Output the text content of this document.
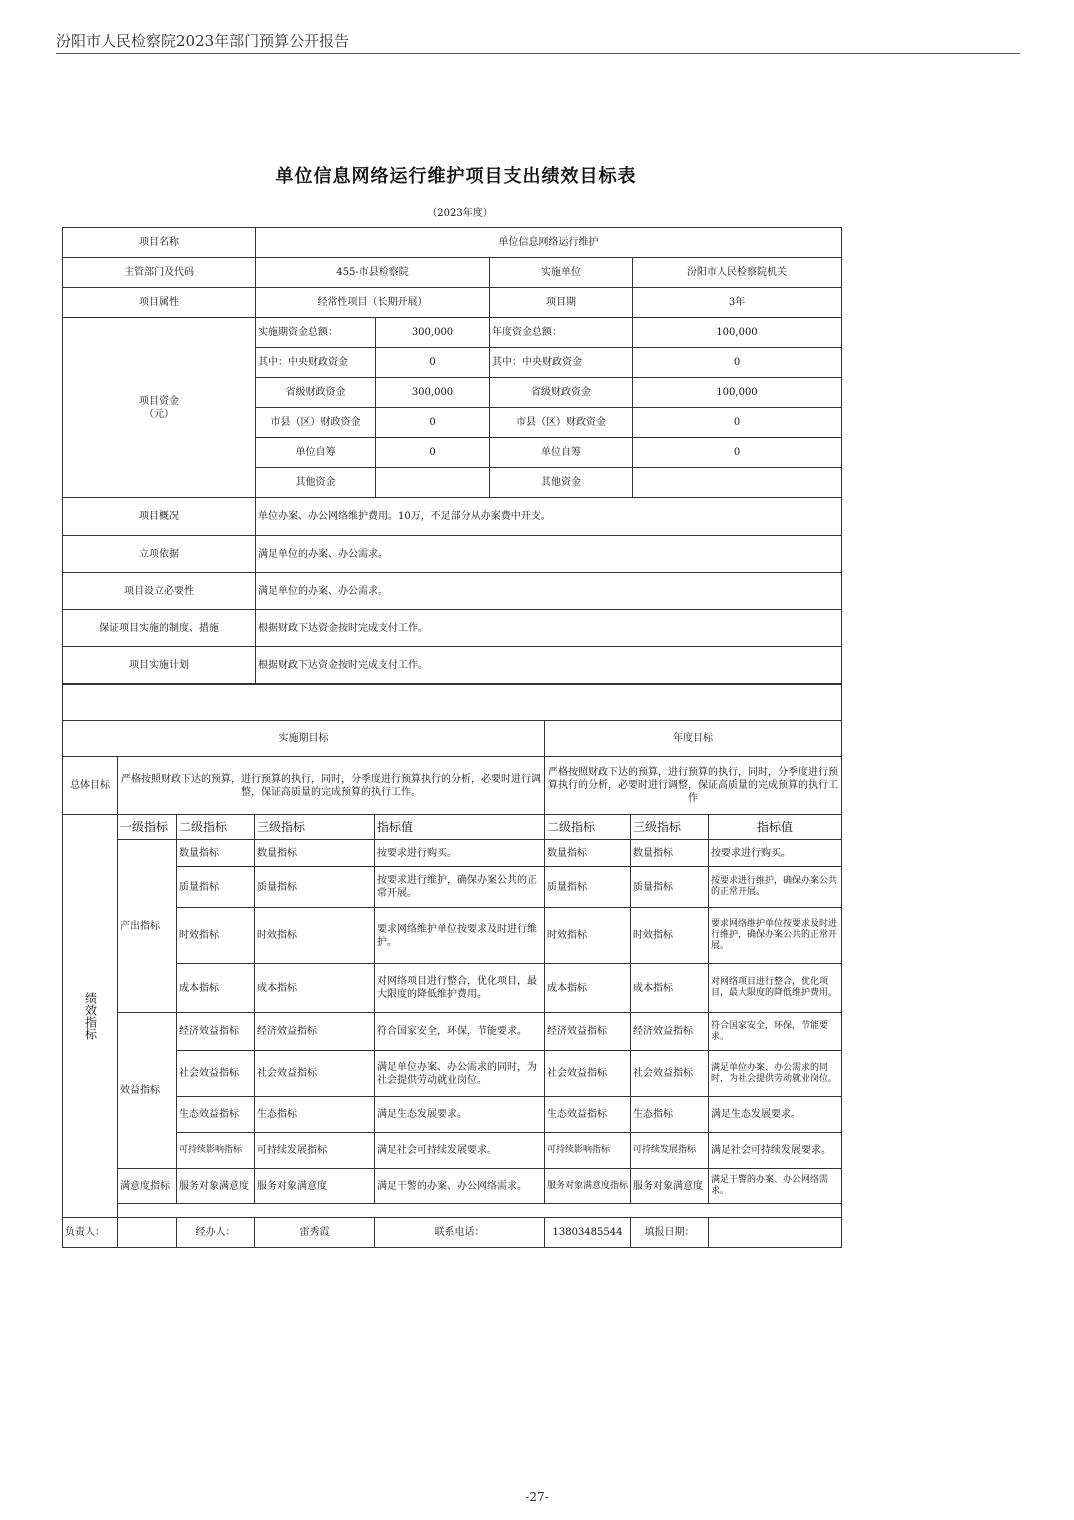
汾阳市人民检察院2023年部门预算公开报告
单位信息网络运行维护项目支出绩效目标表
（2023年度）
项目名称	单位信息网络运行维护			
主管部门及代码	455-市县检察院		实施单位	汾阳市人民检察院机关
项目属性	经常性项目（长期开展）		项目期	3年

项目资金
（元）	实施期资金总额：	300,000	年度资金总额：	100,000
	其中：中央财政资金	0	其中：中央财政资金	0
	省级财政资金	300,000	省级财政资金	100,000
	市县（区）财政资金	0	市县（区）财政资金	0
	单位自筹	0	单位自筹	0
	其他资金		其他资金	
项目概况	单位办案、办公网络维护费用。10万，不足部分从办案费中开支。			
立项依据	满足单位的办案、办公需求。			
项目设立必要性	满足单位的办案、办公需求。			
保证项目实施的制度、措施	根据财政下达资金按时完成支付工作。			
项目实施计划	根据财政下达资金按时完成支付工作。			

实施期目标					年度目标		
总体目标	严格按照财政下达的预算，进行预算的执行，同时，分季度进行预算执行的分析，必要时进行调整，保证高质量的完成预算的执行工作。				严格按照财政下达的预算，进行预算的执行，同时，分季度进行预算执行的分析，必要时进行调整，保证高质量的完成预算的执行工作		
绩效指标	一级指标	二级指标	三级指标	指标值	二级指标	三级指标	指标值
	产出指标	数量指标	数量指标	按要求进行购买。	数量指标	数量指标	按要求进行购买。
		质量指标	质量指标	按要求进行维护，确保办案公共的正常开展。	质量指标	质量指标	按要求进行维护，确保办案公共的正常开展。
		时效指标	时效指标	要求网络维护单位按要求及时进行维护。	时效指标	时效指标	要求网络维护单位按要求及时进行维护，确保办案公共的正常开展。
		成本指标	成本指标	对网络项目进行整合，优化项目，最大限度的降低维护费用。	成本指标	成本指标	对网络项目进行整合，优化项目，最大限度的降低维护费用。
	效益指标	经济效益指标	经济效益指标	符合国家安全，环保，节能要求。	经济效益指标	经济效益指标	符合国家安全，环保，节能要求。
		社会效益指标	社会效益指标	满足单位办案、办公需求的同时，为社会提供劳动就业岗位。	社会效益指标	社会效益指标	满足单位办案、办公需求的同时，为社会提供劳动就业岗位。
		生态效益指标	生态指标	满足生态发展要求。	生态效益指标	生态指标	满足生态发展要求。
		可持续影响指标	可持续发展指标	满足社会可持续发展要求。	可持续影响指标	可持续发展指标	满足社会可持续发展要求。
	满意度指标	服务对象满意度	服务对象满意度	满足干警的办案、办公网络需求。	服务对象满意度指标	服务对象满意度	满足干警的办案、办公网络需求。

负责人：		经办人：	雷秀霞	联系电话：	13803485544	填报日期：	
-27-
